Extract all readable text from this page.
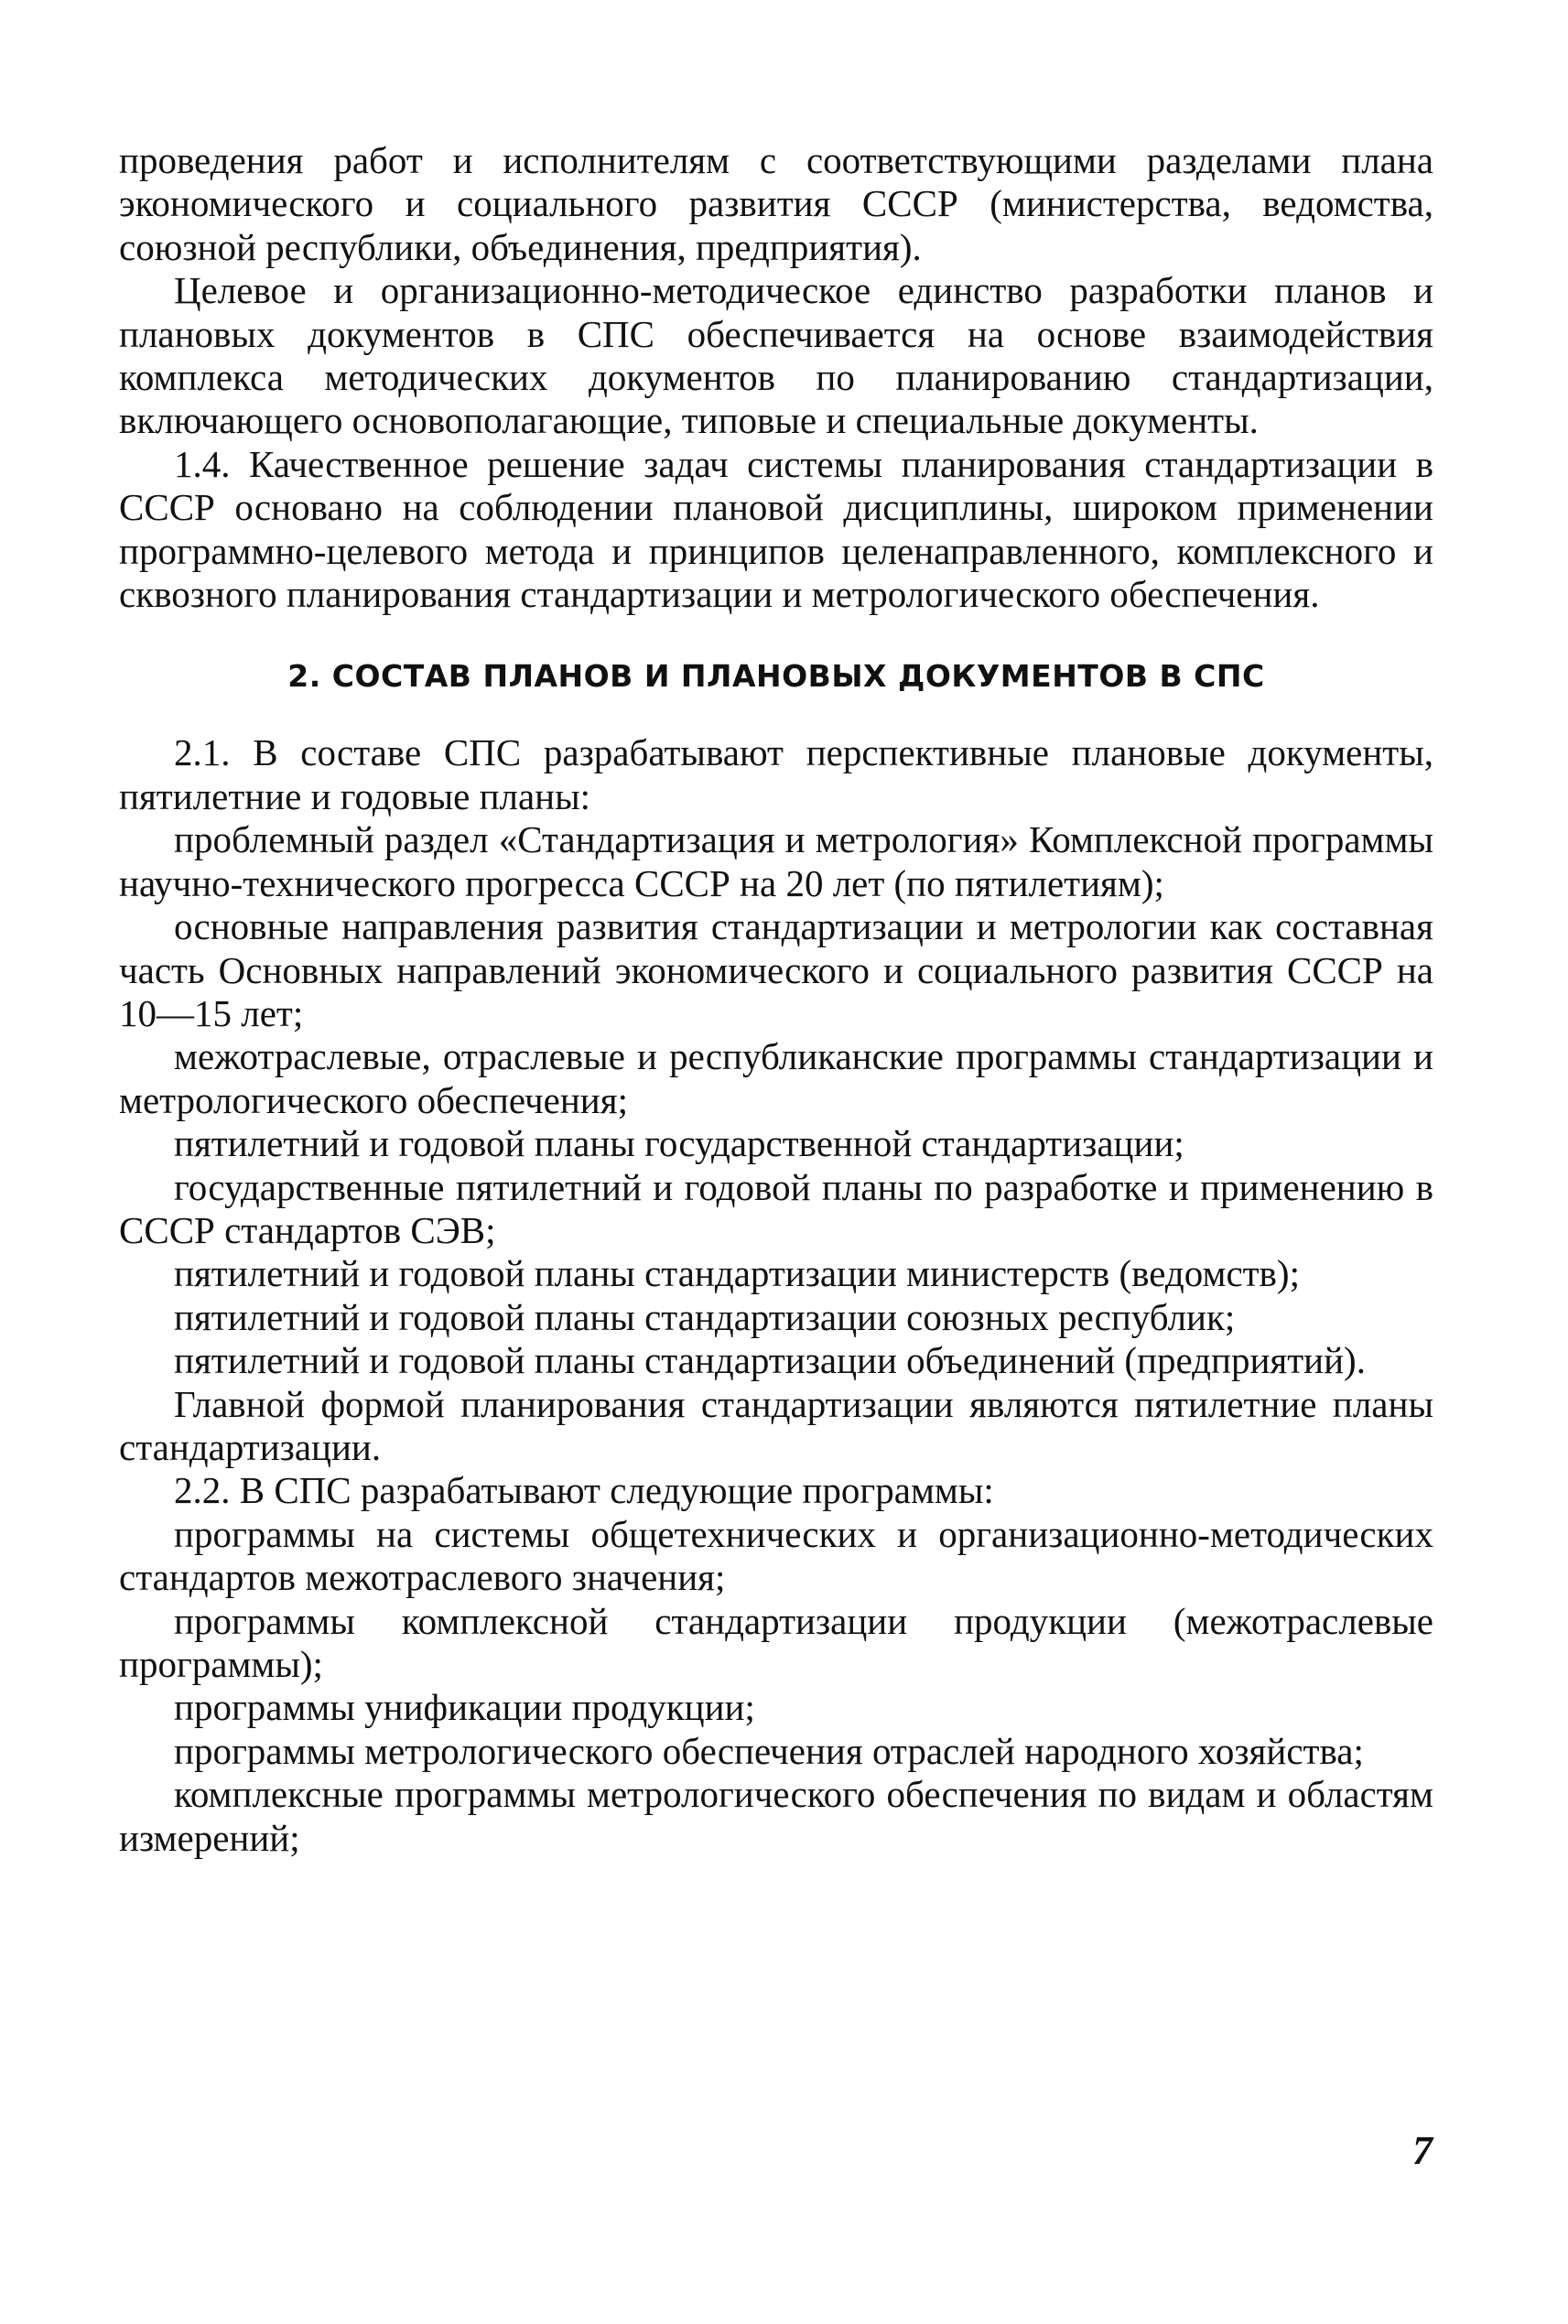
проведения работ и исполнителям с соответствующими разделами плана экономического и социального развития СССР (министерства, ведомства, союзной республики, объединения, предприятия).

Целевое и организационно-методическое единство разработки планов и плановых документов в СПС обеспечивается на основе взаимодействия комплекса методических документов по планированию стандартизации, включающего основополагающие, типовые и специальные документы.

1.4. Качественное решение задач системы планирования стандартизации в СССР основано на соблюдении плановой дисциплины, широком применении программно-целевого метода и принципов целенаправленного, комплексного и сквозного планирования стандартизации и метрологического обеспечения.

2. СОСТАВ ПЛАНОВ И ПЛАНОВЫХ ДОКУМЕНТОВ В СПС

2.1. В составе СПС разрабатывают перспективные плановые документы, пятилетние и годовые планы:

проблемный раздел «Стандартизация и метрология» Комплексной программы научно-технического прогресса СССР на 20 лет (по пятилетиям);

основные направления развития стандартизации и метрологии как составная часть Основных направлений экономического и социального развития СССР на 10—15 лет;

межотраслевые, отраслевые и республиканские программы стандартизации и метрологического обеспечения;

пятилетний и годовой планы государственной стандартизации;

государственные пятилетний и годовой планы по разработке и применению в СССР стандартов СЭВ;

пятилетний и годовой планы стандартизации министерств (ведомств);

пятилетний и годовой планы стандартизации союзных республик;

пятилетний и годовой планы стандартизации объединений (предприятий).

Главной формой планирования стандартизации являются пятилетние планы стандартизации.

2.2. В СПС разрабатывают следующие программы:

программы на системы общетехнических и организационно-методических стандартов межотраслевого значения;

программы комплексной стандартизации продукции (межотраслевые программы);

программы унификации продукции;

программы метрологического обеспечения отраслей народного хозяйства;

комплексные программы метрологического обеспечения по видам и областям измерений;

7
